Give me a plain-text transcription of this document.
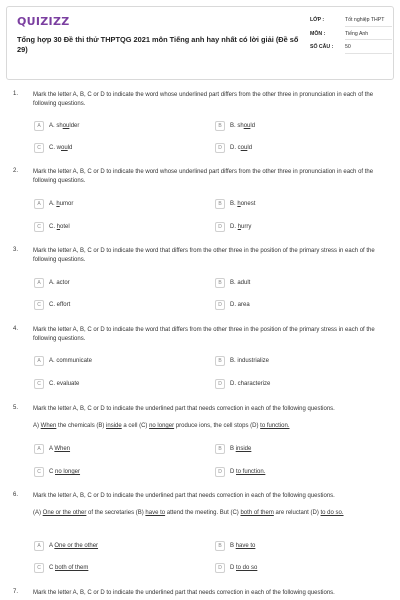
QUIZIZZ
Tổng hợp 30 Đề thi thử THPTQG 2021 môn Tiếng anh hay nhất có lời giải (Đề số 29)
LỚP :	Tốt nghiệp THPT
MÔN :	Tiếng Anh
SỐ CÂU :	50
1. Mark the letter A, B, C or D to indicate the word whose underlined part differs from the other three in pronunciation in each of the following questions.
A	A. shoulder	B	B. should
C	C. would	D	D. could
2. Mark the letter A, B, C or D to indicate the word whose underlined part differs from the other three in pronunciation in each of the following questions.
A	A. humor	B	B. honest
C	C. hotel	D	D. hurry
3. Mark the letter A, B, C or D to indicate the word that differs from the other three in the position of the primary stress in each of the following questions.
A	A. actor	B	B. adult
C	C. effort	D	D. area
4. Mark the letter A, B, C or D to indicate the word that differs from the other three in the position of the primary stress in each of the following questions.
A	A. communicate	B	B. industrialize
C	C. evaluate	D	D. characterize
5. Mark the letter A, B, C or D to indicate the underlined part that needs correction in each of the following questions.
A) When the chemicals (B) inside a cell (C) no longer produce ions, the cell stops (D) to function.
A	A When	B	B inside
C	C no longer	D	D to function.
6. Mark the letter A, B, C or D to indicate the underlined part that needs correction in each of the following questions.
(A) One or the other of the secretaries (B) have to attend the meeting. But (C) both of them are reluctant (D) to do so.
A	A One or the other	B	B have to
C	C both of them	D	D to do so
7. Mark the letter A, B, C or D to indicate the underlined part that needs correction in each of the following questions.
